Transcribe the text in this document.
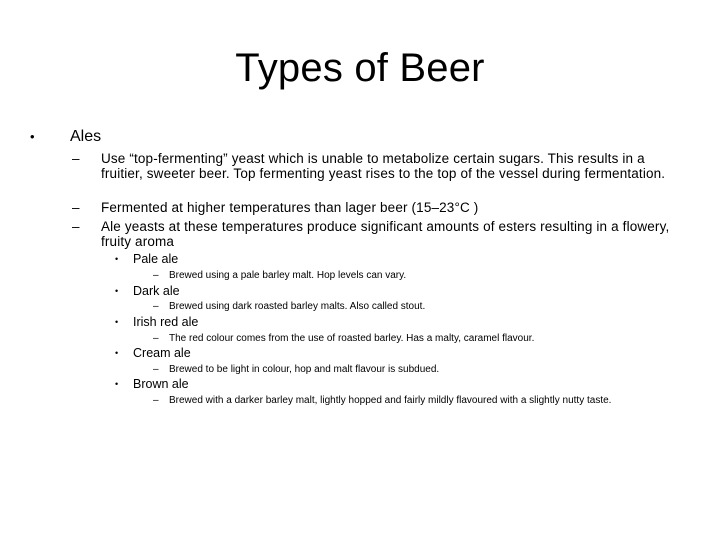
Types of Beer
• Ales
– Use “top-fermenting” yeast which is unable to metabolize certain sugars. This results in a fruitier, sweeter beer. Top fermenting yeast rises to the top of the vessel during fermentation.
– Fermented at higher temperatures than lager beer (15–23°C )
– Ale yeasts at these temperatures produce significant amounts of esters resulting in a flowery, fruity aroma
• Pale ale
– Brewed using a pale barley malt. Hop levels can vary.
• Dark ale
– Brewed using dark roasted barley malts. Also called stout.
• Irish red ale
– The red colour comes from the use of roasted barley. Has a malty, caramel flavour.
• Cream ale
– Brewed to be light in colour, hop and malt flavour is subdued.
• Brown ale
– Brewed with a darker barley malt, lightly hopped and fairly mildly flavoured with a slightly nutty taste.
